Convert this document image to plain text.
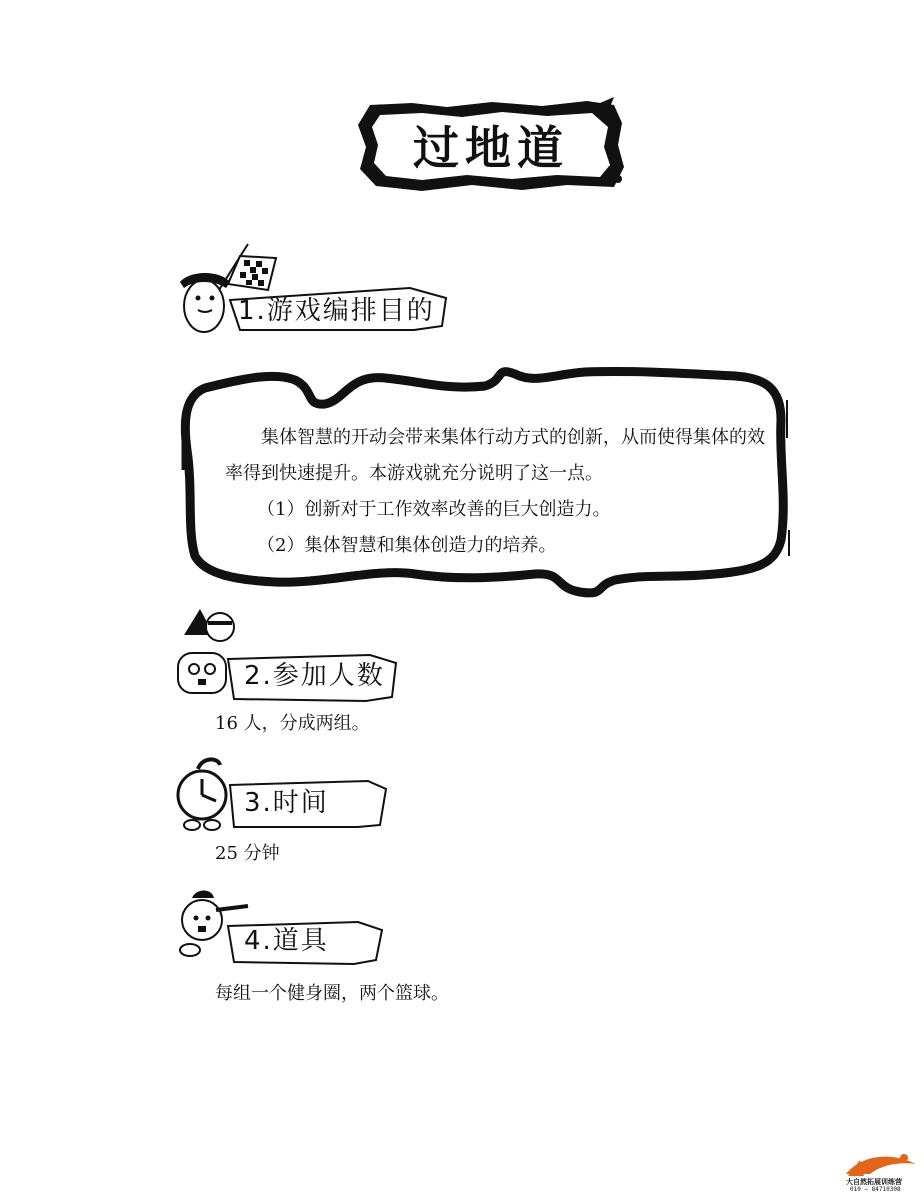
过地道
1.游戏编排目的

集体智慧的开动会带来集体行动方式的创新，从而使得集体的效率得到快速提升。本游戏就充分说明了这一点。

（1）创新对于工作效率改善的巨大创造力。

（2）集体智慧和集体创造力的培养。

2.参加人数
16 人，分成两组。
3.时间
25 分钟
4.道具
每组一个健身圈，两个篮球。
大自然拓展训练营
010 — 84710308
